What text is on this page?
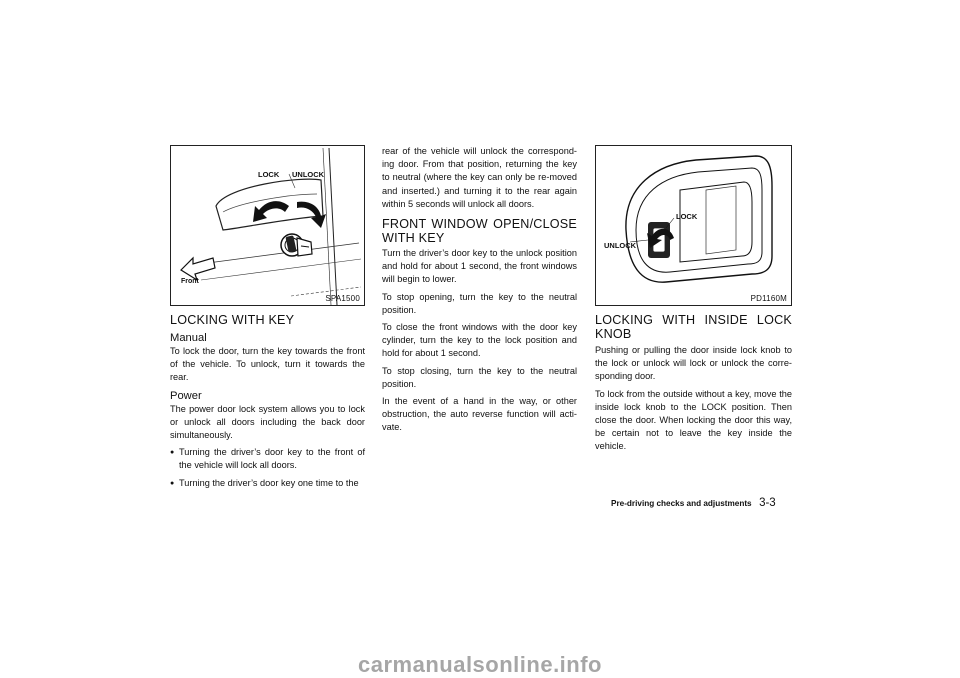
LOCK UNLOCK
Front
SPA1500
LOCK
UNLOCK
PD1160M
LOCKING WITH KEY
Manual

To lock the door, turn the key towards the front of the vehicle. To unlock, turn it towards the rear.

Power

The power door lock system allows you to lock or unlock all doors including the back door simultaneously.

● Turning the driver’s door key to the front of the vehicle will lock all doors.
● Turning the driver’s door key one time to the

rear of the vehicle will unlock the correspond-ing door. From that position, returning the key to neutral (where the key can only be re-moved and inserted.) and turning it to the rear again within 5 seconds will unlock all doors.

FRONT WINDOW OPEN/CLOSE WITH KEY

Turn the driver’s door key to the unlock position and hold for about 1 second, the front windows will begin to lower.

To stop opening, turn the key to the neutral position.

To close the front windows with the door key cylinder, turn the key to the lock position and hold for about 1 second.

To stop closing, turn the key to the neutral position.

In the event of a hand in the way, or other obstruction, the auto reverse function will acti-vate.

LOCKING WITH INSIDE LOCK KNOB

Pushing or pulling the door inside lock knob to the lock or unlock will lock or unlock the corre-sponding door.

To lock from the outside without a key, move the inside lock knob to the LOCK position. Then close the door. When locking the door this way, be certain not to leave the key inside the vehicle.

Pre-driving checks and adjustments 3-3
carmanualsonline.info
